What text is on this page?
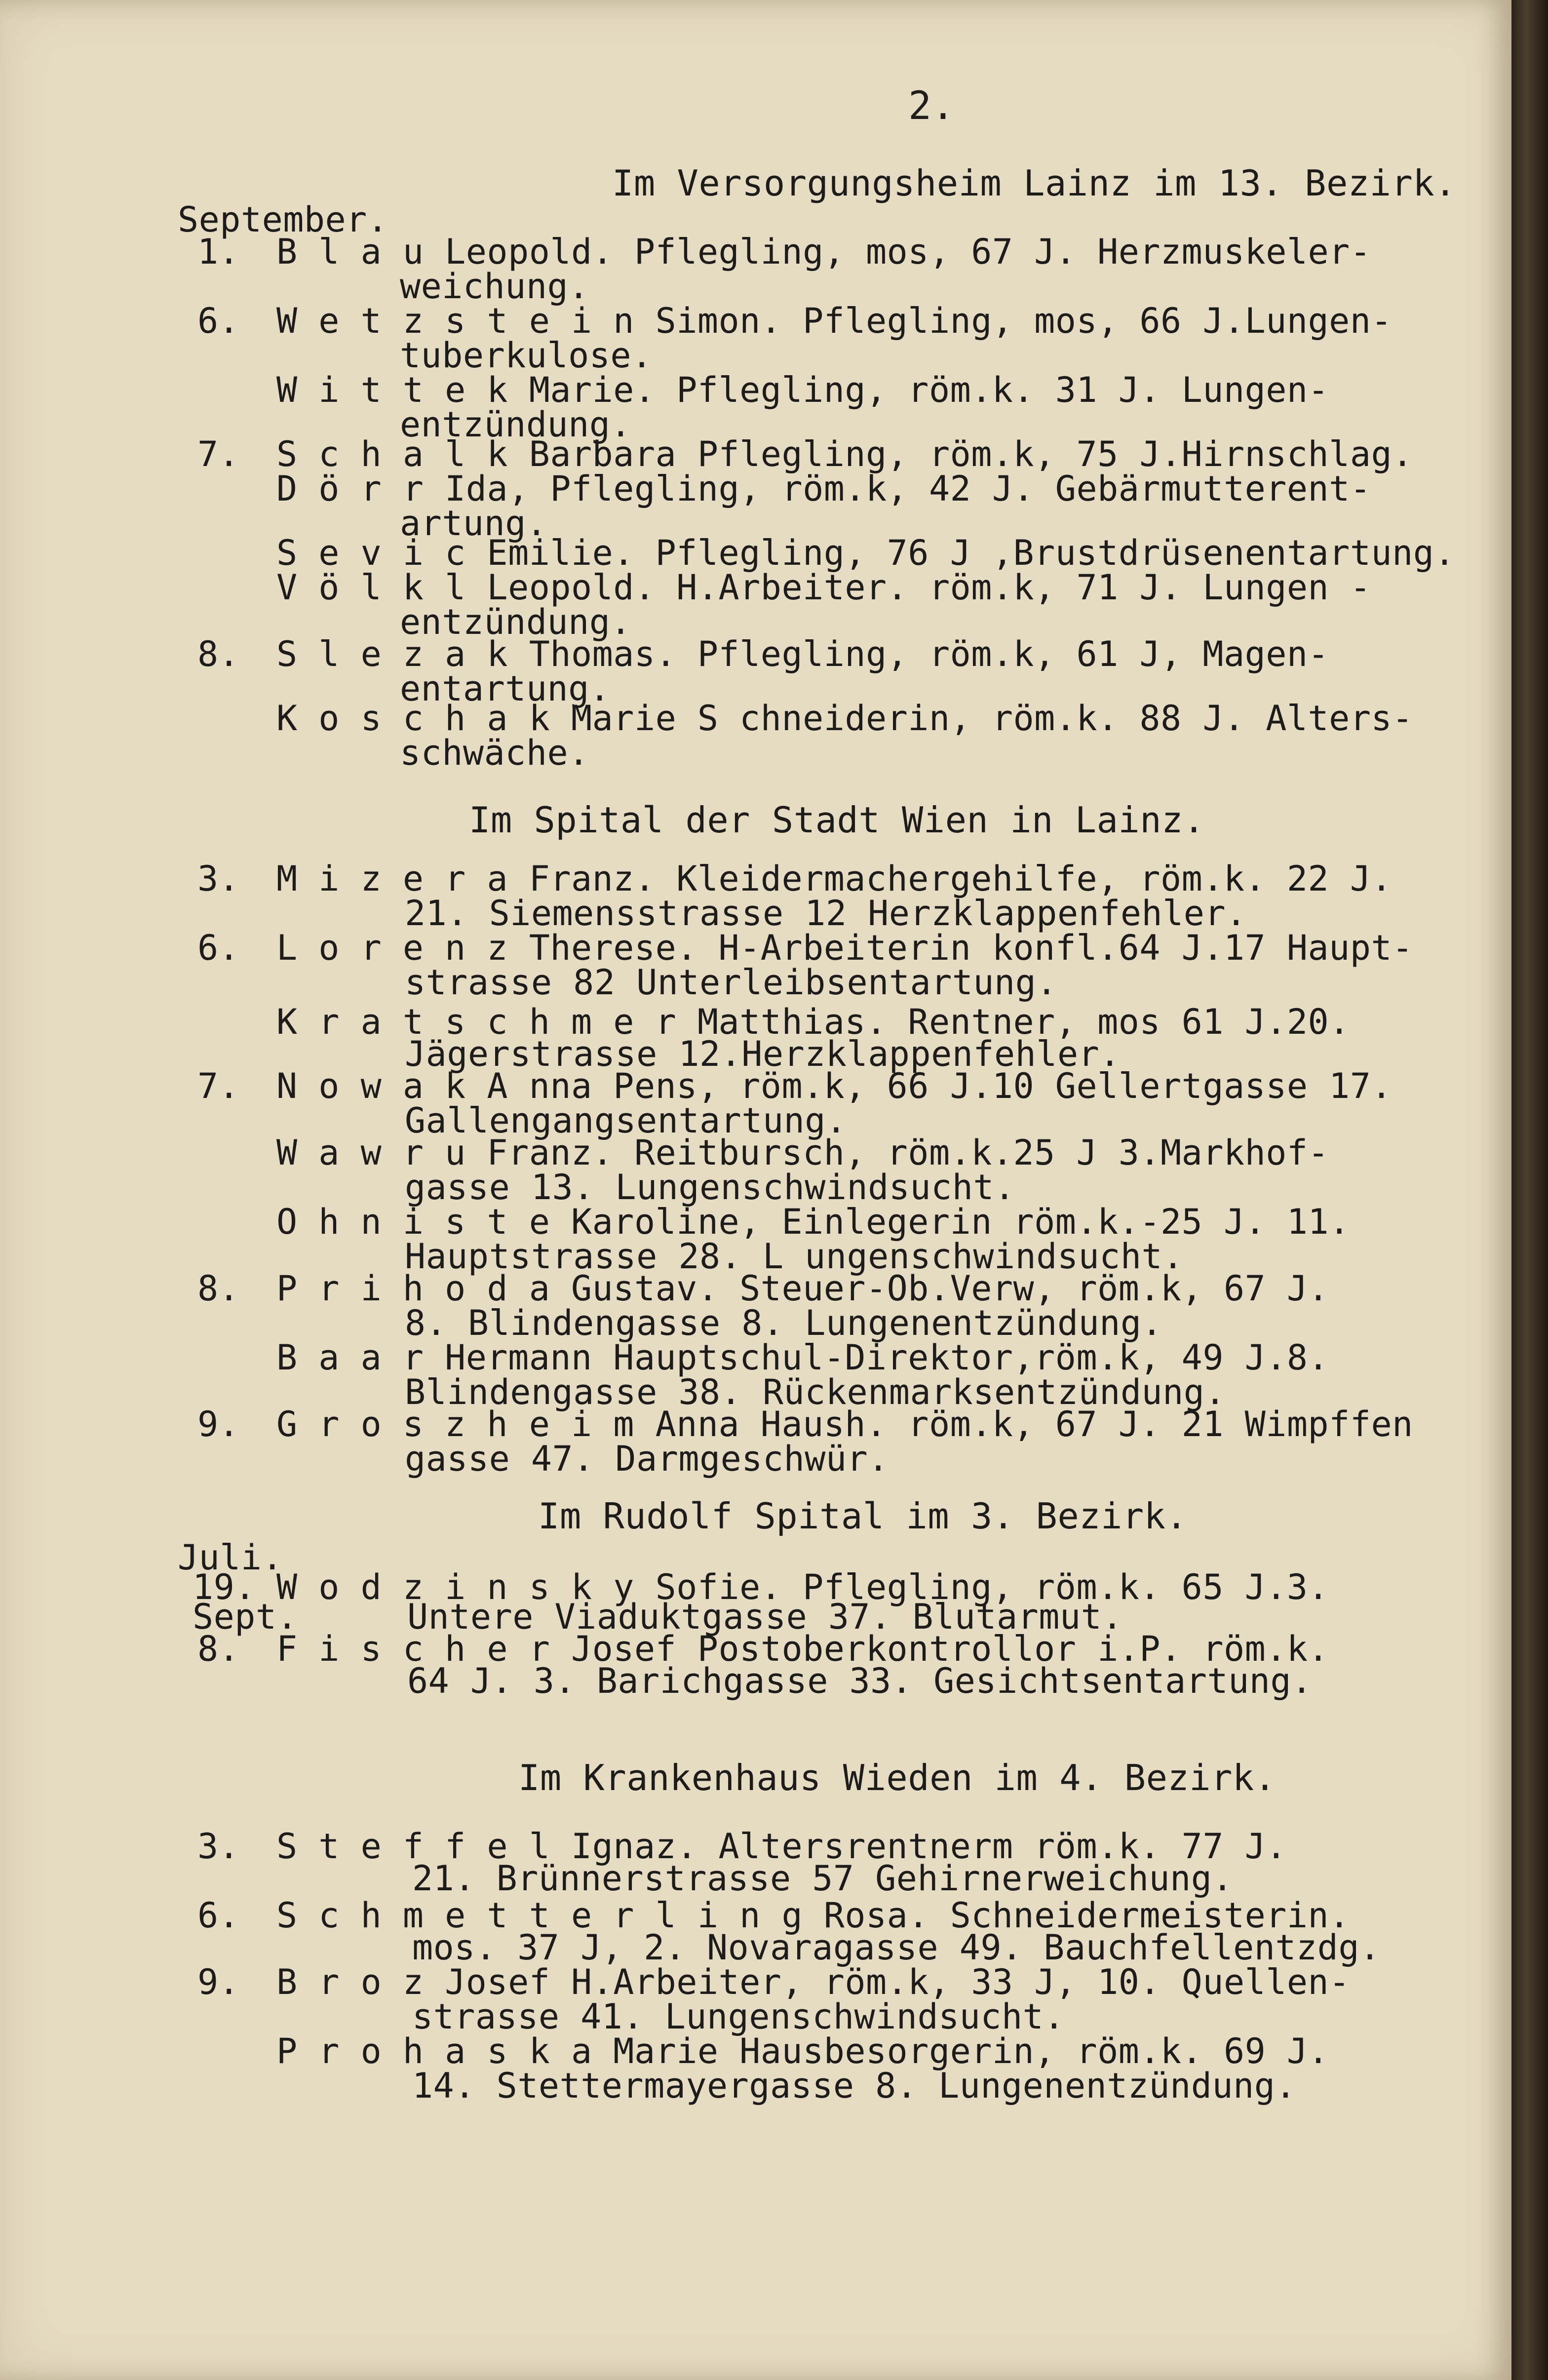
2.
Im Versorgungsheim Lainz im 13. Bezirk.
September.
1. B l a u Leopold. Pflegling, mos, 67 J. Herzmuskeler-
weichung.
6. W e t z s t e i n Simon. Pflegling, mos, 66 J.Lungen-
tuberkulose.
W i t t e k Marie. Pflegling, röm.k. 31 J. Lungen-
entzündung.
7. S c h a l k Barbara Pflegling, röm.k, 75 J.Hirnschlag.
D ö r r Ida, Pflegling, röm.k, 42 J. Gebärmutterent-
artung.
S e v i c Emilie. Pflegling, 76 J ,Brustdrüsenentartung.
V ö l k l Leopold. H.Arbeiter. röm.k, 71 J. Lungen -
entzündung.
8. S l e z a k Thomas. Pflegling, röm.k, 61 J, Magen-
entartung.
K o s c h a k Marie S chneiderin, röm.k. 88 J. Alters-
schwäche.
Im Spital der Stadt Wien in Lainz.
3. M i z e r a Franz. Kleidermachergehilfe, röm.k. 22 J.
21. Siemensstrasse 12 Herzklappenfehler.
6. L o r e n z Therese. H-Arbeiterin konfl.64 J.17 Haupt-
strasse 82 Unterleibsentartung.
K r a t s c h m e r Matthias. Rentner, mos 61 J.20.
Jägerstrasse 12.Herzklappenfehler.
7. N o w a k A nna Pens, röm.k, 66 J.10 Gellertgasse 17.
Gallengangsentartung.
W a w r u Franz. Reitbursch, röm.k.25 J 3.Markhof-
gasse 13. Lungenschwindsucht.
O h n i s t e Karoline, Einlegerin röm.k.-25 J. 11.
Hauptstrasse 28. L ungenschwindsucht.
8. P r i h o d a Gustav. Steuer-Ob.Verw, röm.k, 67 J.
8. Blindengasse 8. Lungenentzündung.
B a a r Hermann Hauptschul-Direktor,röm.k, 49 J.8.
Blindengasse 38. Rückenmarksentzündung.
9. G r o s z h e i m Anna Haush. röm.k, 67 J. 21 Wimpffen
gasse 47. Darmgeschwür.
Im Rudolf Spital im 3. Bezirk.
Juli.
19. W o d z i n s k y Sofie. Pflegling, röm.k. 65 J.3.
Sept.	Untere Viaduktgasse 37. Blutarmut.
8. F i s c h e r Josef Postoberkontrollor i.P. röm.k.
64 J. 3. Barichgasse 33. Gesichtsentartung.
Im Krankenhaus Wieden im 4. Bezirk.
3. S t e f f e l Ignaz. Altersrentnerm röm.k. 77 J.
21. Brünnerstrasse 57 Gehirnerweichung.
6. S c h m e t t e r l i n g Rosa. Schneidermeisterin.
mos. 37 J, 2. Novaragasse 49. Bauchfellentzdg.
9. B r o z Josef H.Arbeiter, röm.k, 33 J, 10. Quellen-
strasse 41. Lungenschwindsucht.
P r o h a s k a Marie Hausbesorgerin, röm.k. 69 J.
14. Stettermayergasse 8. Lungenentzündung.
